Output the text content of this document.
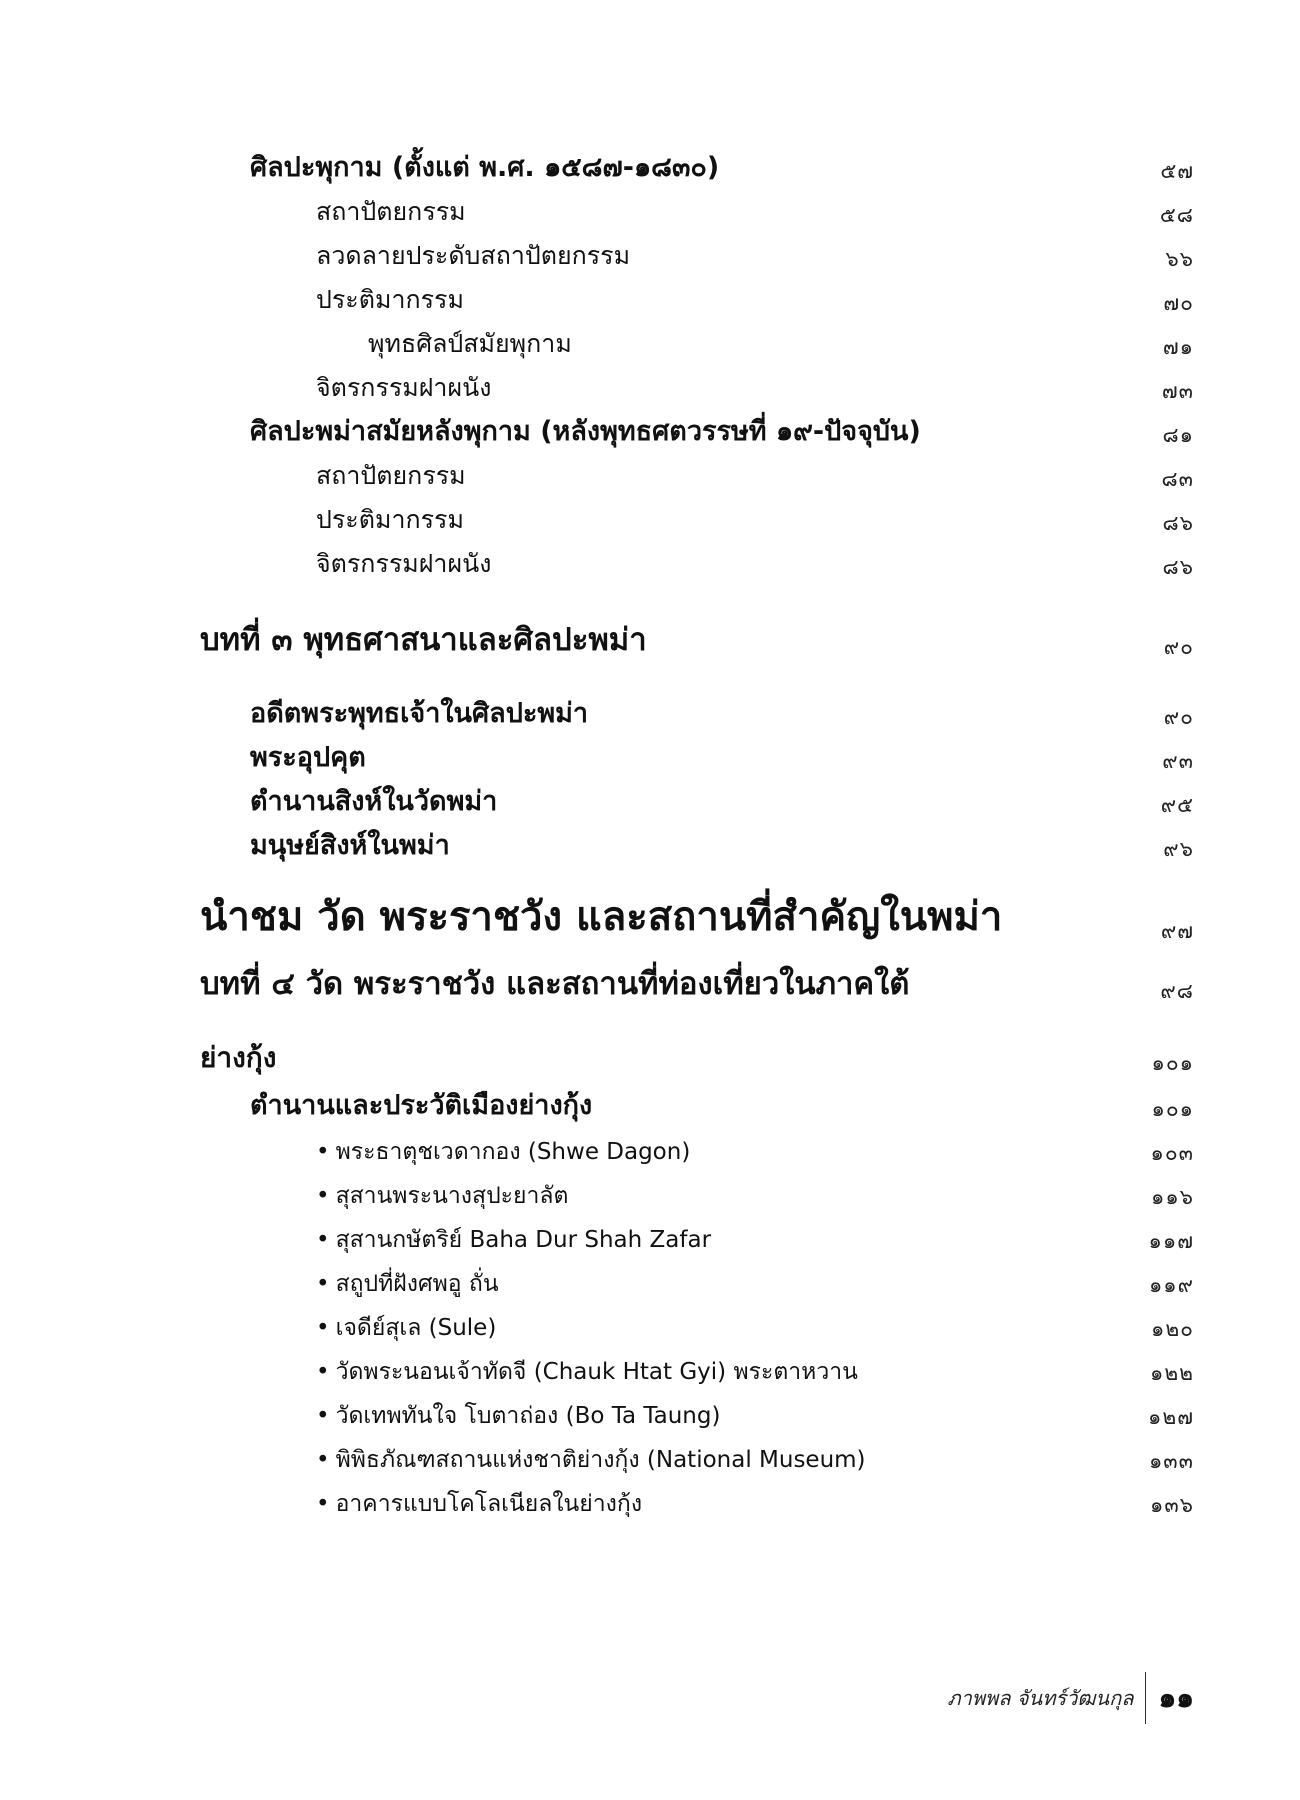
ศิลปะพุกาม (ตั้งแต่ พ.ศ. ๑๕๘๗-๑๘๓๐)	๕๗
สถาปัตยกรรม	๕๘
ลวดลายประดับสถาปัตยกรรม	๖๖
ประติมากรรม	๗๐
พุทธศิลป์สมัยพุกาม	๗๑
จิตรกรรมฝาผนัง	๗๓
ศิลปะพม่าสมัยหลังพุกาม (หลังพุทธศตวรรษที่ ๑๙-ปัจจุบัน)	๘๑
สถาปัตยกรรม	๘๓
ประติมากรรม	๘๖
จิตรกรรมฝาผนัง	๘๖
บทที่ ๓ พุทธศาสนาและศิลปะพม่า	๙๐
อดีตพระพุทธเจ้าในศิลปะพม่า	๙๐
พระอุปคุต	๙๓
ตำนานสิงห์ในวัดพม่า	๙๕
มนุษย์สิงห์ในพม่า	๙๖
นำชม วัด พระราชวัง และสถานที่สำคัญในพม่า	๙๗
บทที่ ๔ วัด พระราชวัง และสถานที่ท่องเที่ยวในภาคใต้	๙๘
ย่างกุ้ง	๑๐๑
ตำนานและประวัติเมืองย่างกุ้ง	๑๐๑
• พระธาตุชเวดากอง (Shwe Dagon)	๑๐๓
• สุสานพระนางสุปะยาลัต	๑๑๖
• สุสานกษัตริย์ Baha Dur Shah Zafar	๑๑๗
• สถูปที่ฝังศพอู ถั่น	๑๑๙
• เจดีย์สุเล (Sule)	๑๒๐
• วัดพระนอนเจ้าทัดจี (Chauk Htat Gyi) พระตาหวาน	๑๒๒
• วัดเทพทันใจ โบตาถ่อง (Bo Ta Taung)	๑๒๗
• พิพิธภัณฑสถานแห่งชาติย่างกุ้ง (National Museum)	๑๓๓
• อาคารแบบโคโลเนียลในย่างกุ้ง	๑๓๖
ภาพพล จันทร์วัฒนกุล ๑๑
